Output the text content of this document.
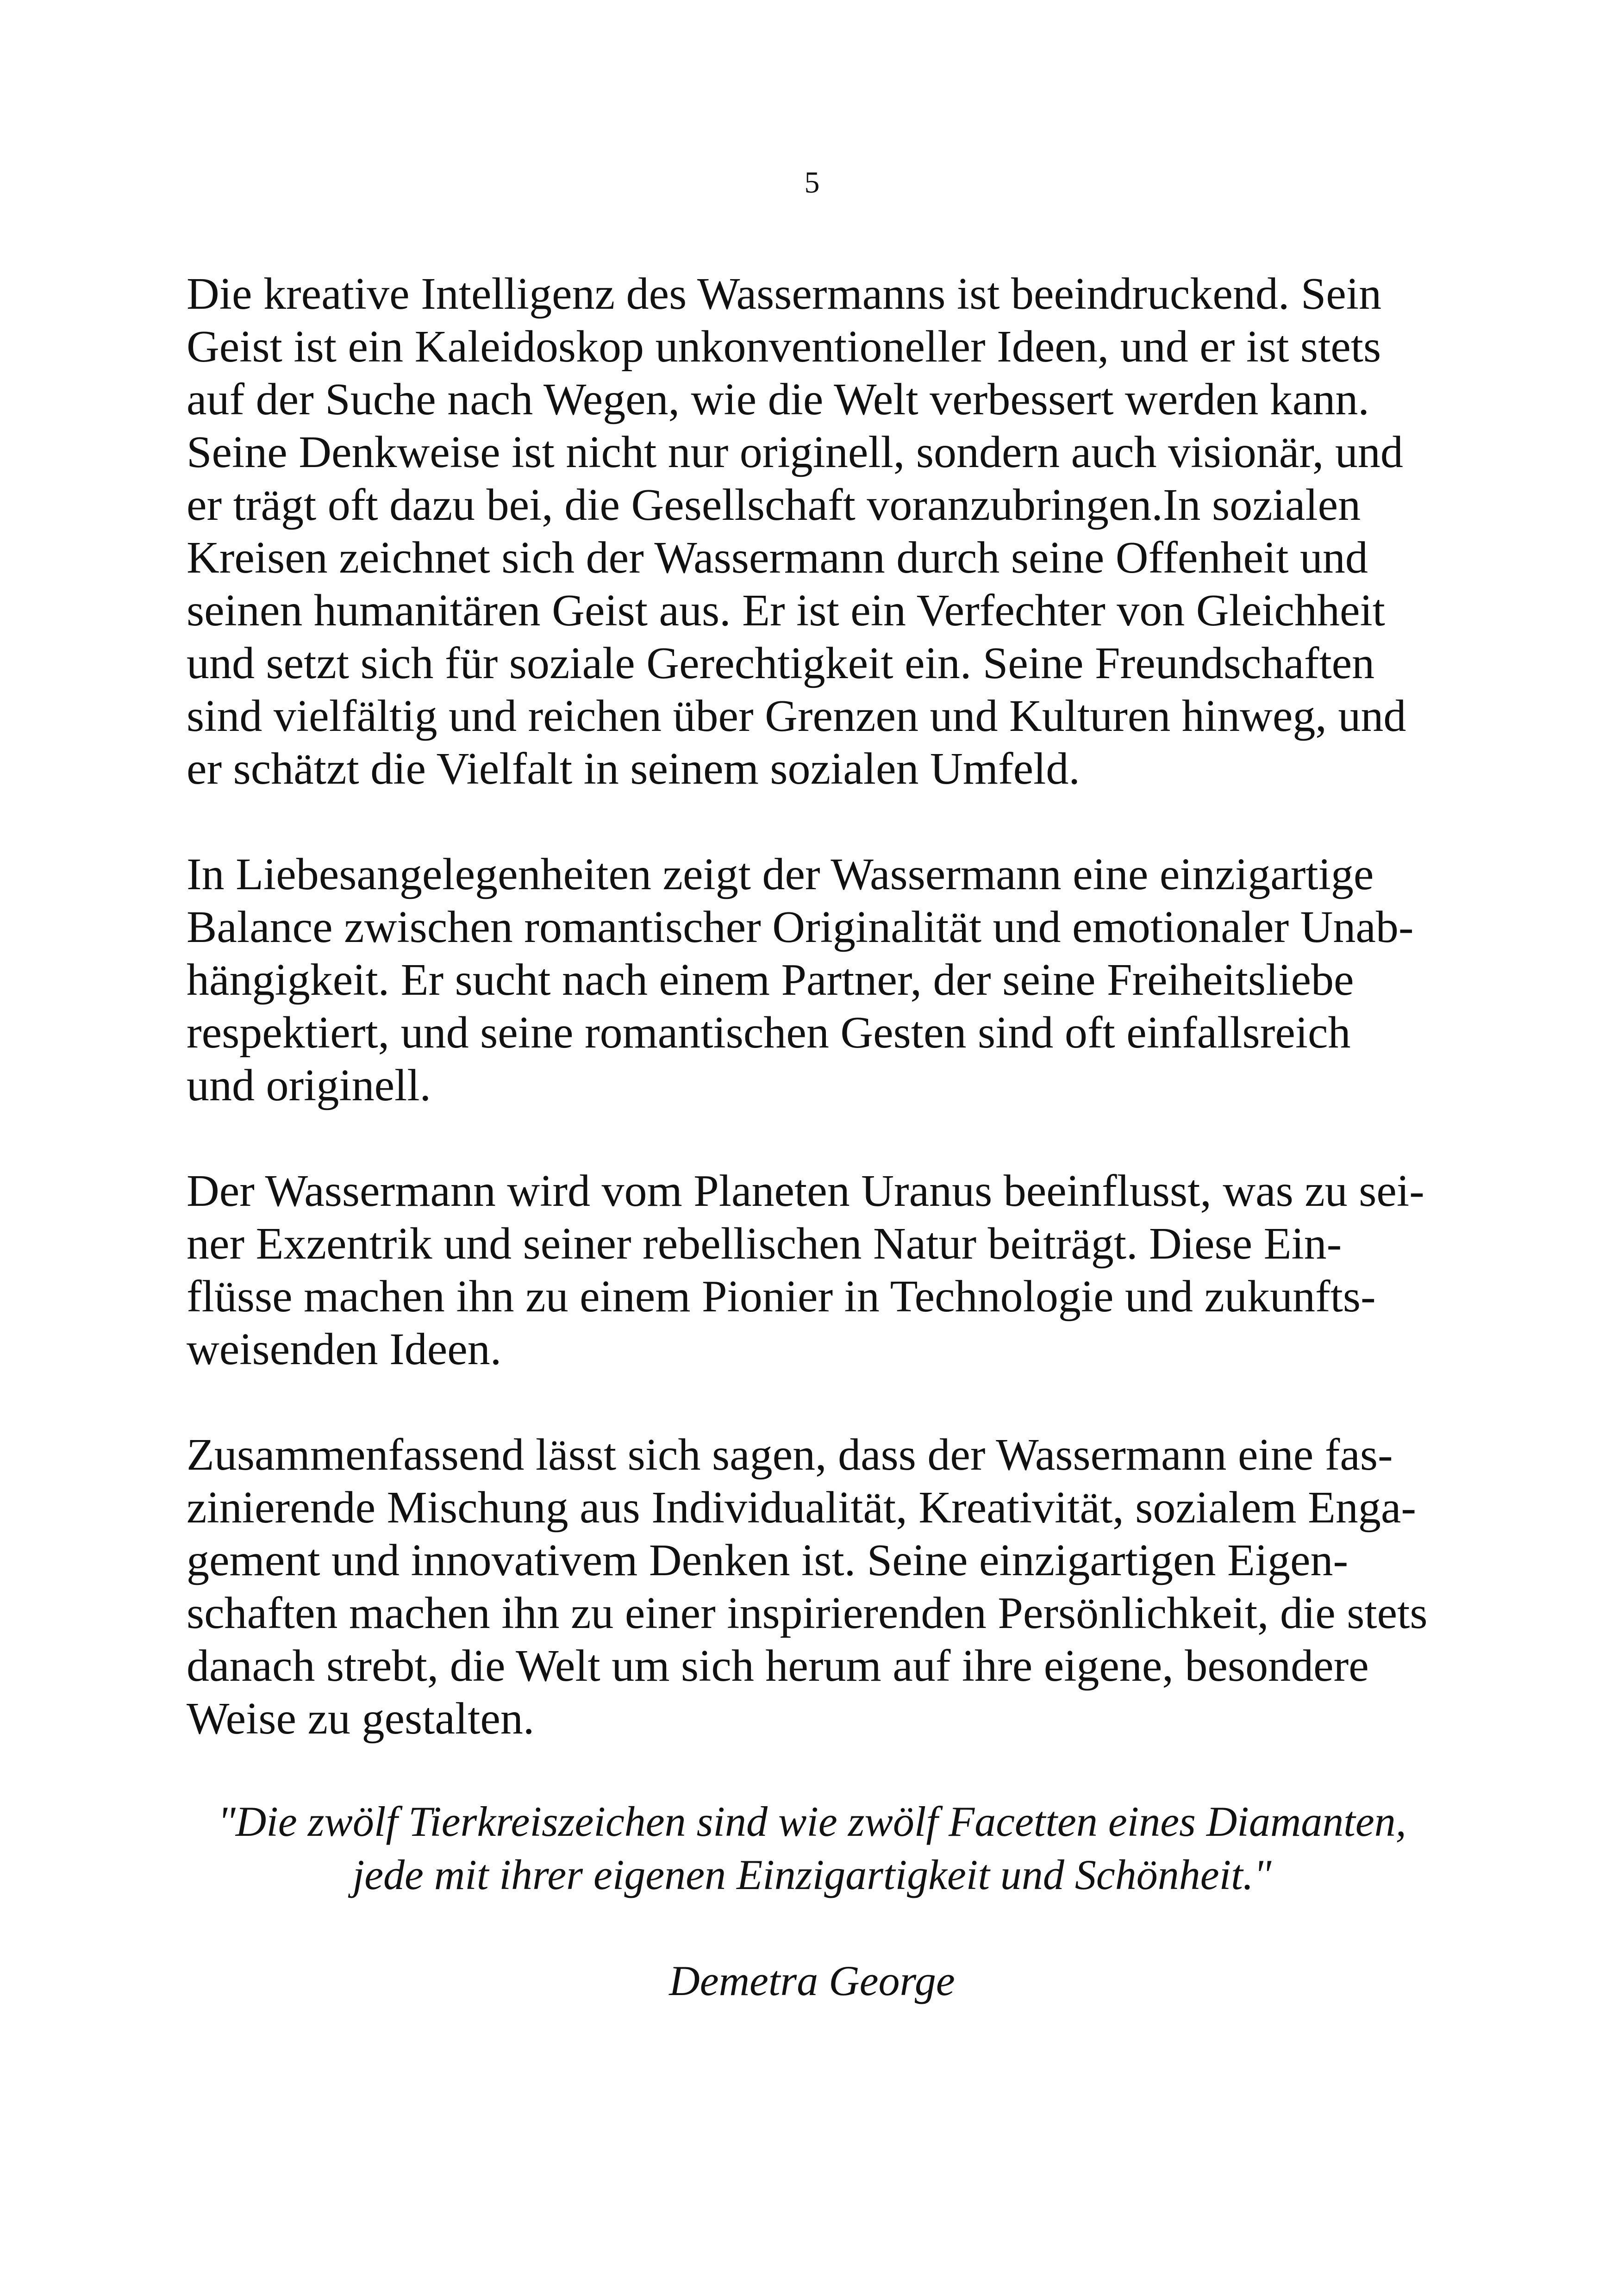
5
Die kreative Intelligenz des Wassermanns ist beeindruckend. Sein
Geist ist ein Kaleidoskop unkonventioneller Ideen, und er ist stets
auf der Suche nach Wegen, wie die Welt verbessert werden kann.
Seine Denkweise ist nicht nur originell, sondern auch visionär, und
er trägt oft dazu bei, die Gesellschaft voranzubringen.In sozialen
Kreisen zeichnet sich der Wassermann durch seine Offenheit und
seinen humanitären Geist aus. Er ist ein Verfechter von Gleichheit
und setzt sich für soziale Gerechtigkeit ein. Seine Freundschaften
sind vielfältig und reichen über Grenzen und Kulturen hinweg, und
er schätzt die Vielfalt in seinem sozialen Umfeld.
In Liebesangelegenheiten zeigt der Wassermann eine einzigartige
Balance zwischen romantischer Originalität und emotionaler Unab-
hängigkeit. Er sucht nach einem Partner, der seine Freiheitsliebe
respektiert, und seine romantischen Gesten sind oft einfallsreich
und originell.
Der Wassermann wird vom Planeten Uranus beeinflusst, was zu sei-
ner Exzentrik und seiner rebellischen Natur beiträgt. Diese Ein-
flüsse machen ihn zu einem Pionier in Technologie und zukunfts-
weisenden Ideen.
Zusammenfassend lässt sich sagen, dass der Wassermann eine fas-
zinierende Mischung aus Individualität, Kreativität, sozialem Enga-
gement und innovativem Denken ist. Seine einzigartigen Eigen-
schaften machen ihn zu einer inspirierenden Persönlichkeit, die stets
danach strebt, die Welt um sich herum auf ihre eigene, besondere
Weise zu gestalten.
"Die zwölf Tierkreiszeichen sind wie zwölf Facetten eines Diamanten,
jede mit ihrer eigenen Einzigartigkeit und Schönheit."
Demetra George
